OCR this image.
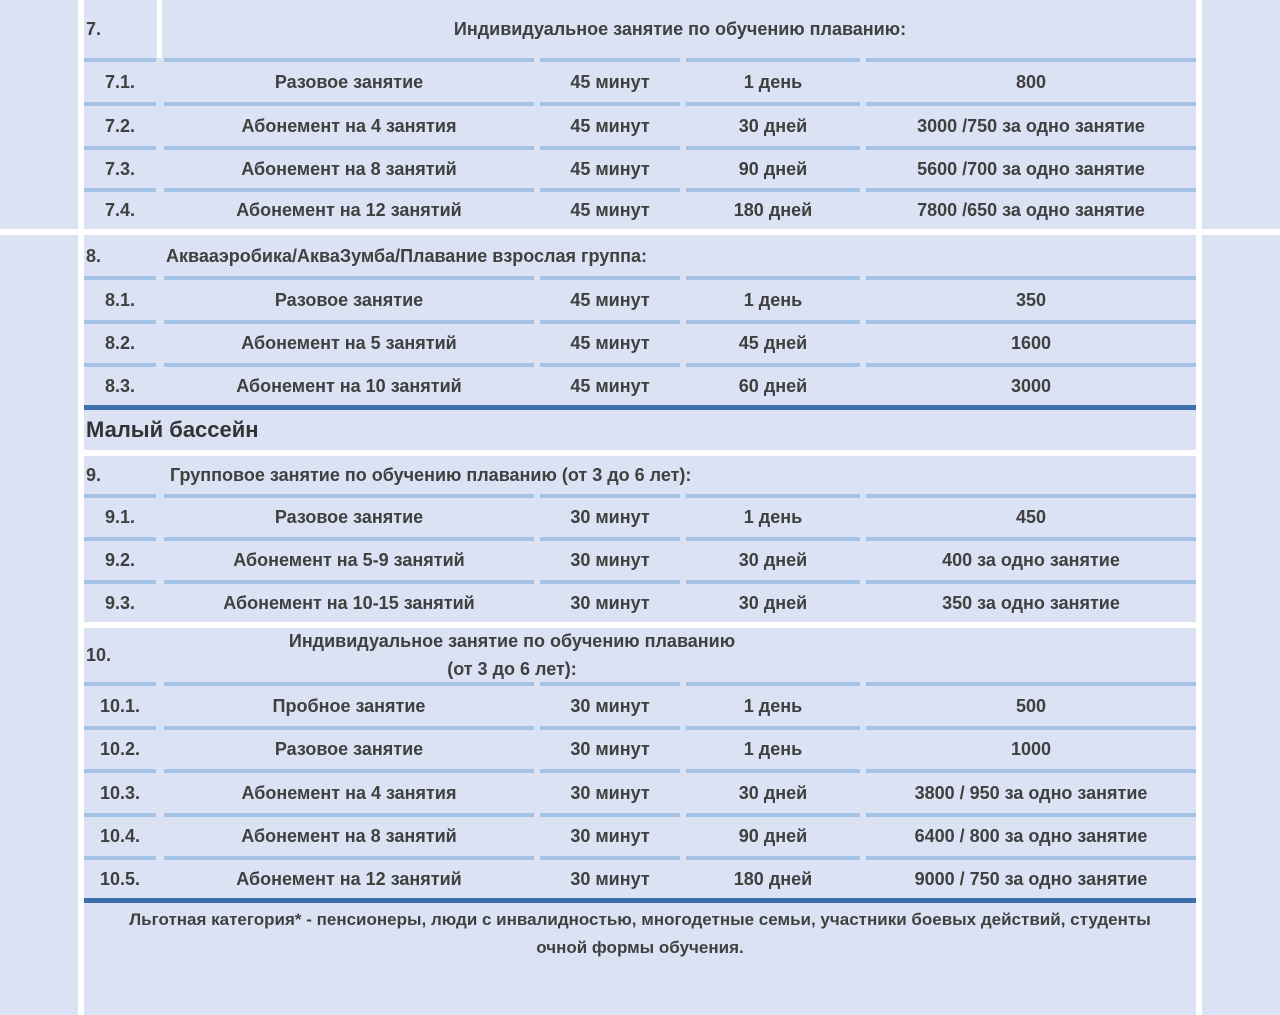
7.	Индивидуальное занятие по обучению плаванию:
7.1.	Разовое занятие	45 минут	1 день	800
7.2.	Абонемент на 4 занятия	45 минут	30 дней	3000 /750 за одно занятие
7.3.	Абонемент на 8 занятий	45 минут	90 дней	5600 /700 за одно занятие
7.4.	Абонемент на 12 занятий	45 минут	180 дней	7800 /650 за одно занятие
8.	Аквааэробика/АкваЗумба/Плавание взрослая группа:
8.1.	Разовое занятие	45 минут	1 день	350
8.2.	Абонемент на 5 занятий	45 минут	45 дней	1600
8.3.	Абонемент на 10 занятий	45 минут	60 дней	3000
Малый бассейн
9.	Групповое занятие по обучению плаванию (от 3 до 6 лет):
9.1.	Разовое занятие	30 минут	1 день	450
9.2.	Абонемент на 5-9 занятий	30 минут	30 дней	400 за одно занятие
9.3.	Абонемент на 10-15 занятий	30 минут	30 дней	350 за одно занятие
10.
Индивидуальное занятие по обучению плаванию
(от 3 до 6 лет):
10.1.	Пробное занятие	30 минут	1 день	500
10.2.	Разовое занятие	30 минут	1 день	1000
10.3.	Абонемент на 4 занятия	30 минут	30 дней	3800 / 950 за одно занятие
10.4.	Абонемент на 8 занятий	30 минут	90 дней	6400 / 800 за одно занятие
10.5.	Абонемент на 12 занятий	30 минут	180 дней	9000 / 750 за одно занятие
Льготная категория* - пенсионеры, люди с инвалидностью, многодетные семьи, участники боевых действий, студенты
очной формы обучения.
